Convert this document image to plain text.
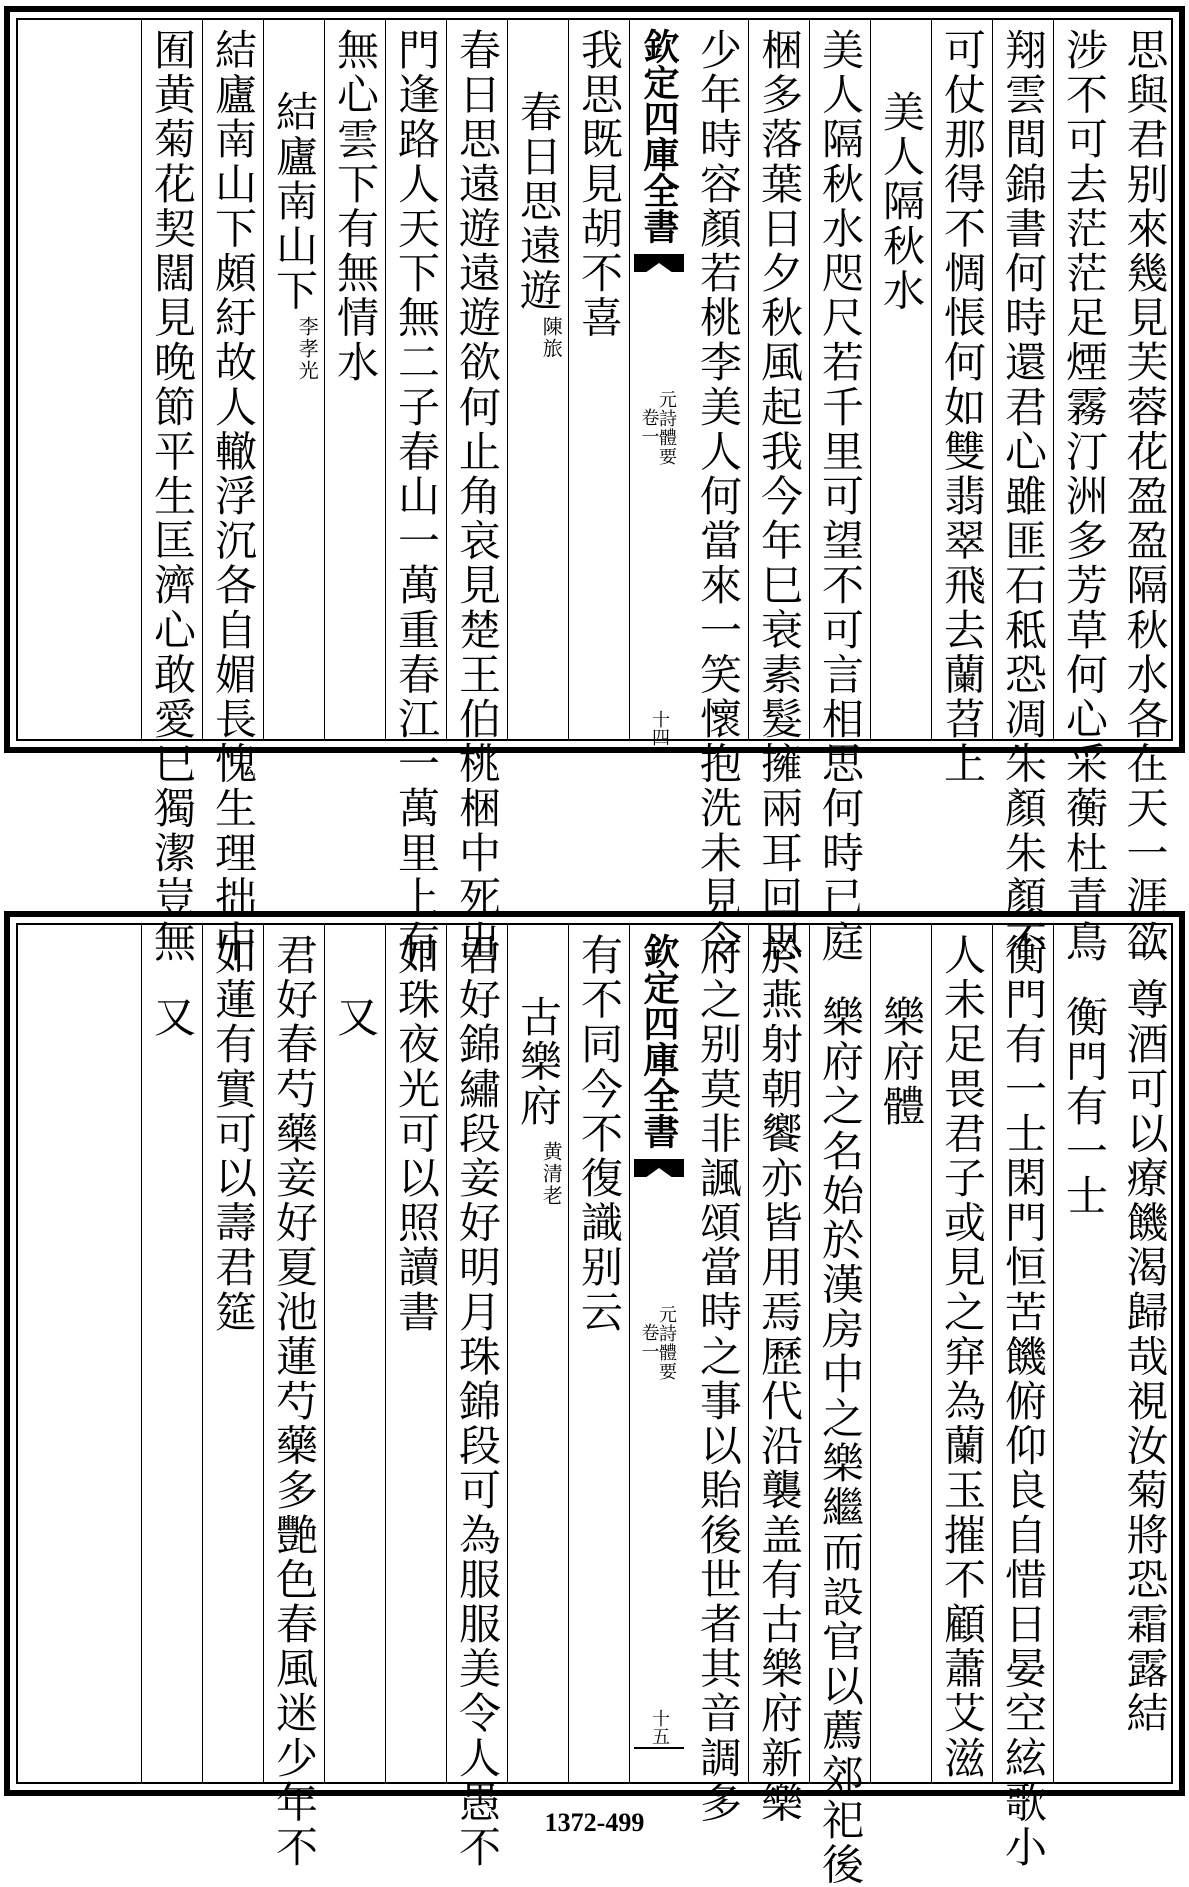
思與君别來幾見芙蓉花盈盈隔秋水各在天一涯欲
涉不可去茫茫足煙霧汀洲多芳草何心采蘅杜青鳥
翔雲間錦書何時還君心雖匪石秪恐凋朱顏朱顏不
可仗那得不惆悵何如雙翡翠飛去蘭苕上
美人隔秋水
美人隔秋水咫尺若千里可望不可言相思何時已庭
梱多落葉日夕秋風起我今年巳衰素髮擁兩耳回思
少年時容顏若桃李美人何當來一笑懷抱洗未見令
欽定四庫全書
元詩體要
卷一
十四
我思既見胡不喜
春日思遠遊
陳旅
春日思遠遊遠遊欲何止角哀見楚王伯桃梱中死出
門逢路人天下無二子春山一萬重春江一萬里上有
無心雲下有無情水
結廬南山下
李孝光
結廬南山下頗紆故人轍浮沉各自媚長愧生理拙中
囿黄菊花契闊見晚節平生匡濟心敢愛巳獨潔豈無
一尊酒可以療饑渴歸哉視汝菊將恐霜露結
衡門有一士
衡門有一士閑門恒苦饑俯仰良自惜日晏空絃歌小
人未足畏君子或見之穽為蘭玉摧不顧蕭艾滋
樂府體
樂府之名始於漢房中之樂繼而設官以薦郊祀後
於燕射朝饗亦皆用焉歷代沿襲盖有古樂府新樂
府之别莫非諷頌當時之事以貽後世者其音調多
欽定四庫全書
元詩體要
卷一
十五
有不同今不復識别云
古樂府
黄清老
君好錦繡段妾好明月珠錦段可為服服美令人愚不
如珠夜光可以照讀書
又
君好春芍藥妾好夏池蓮芍藥多艷色春風迷少年不
如蓮有實可以壽君筵
又
1372-499
